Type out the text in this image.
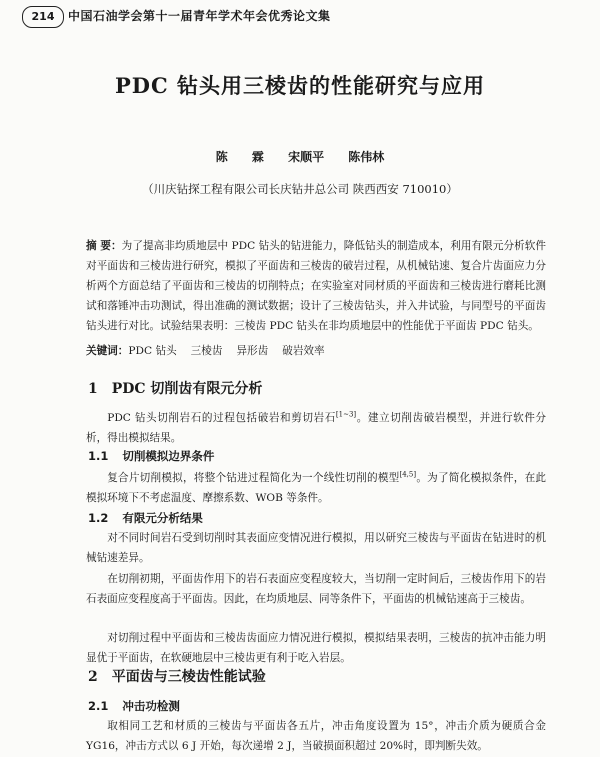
214	中国石油学会第十一届青年学术年会优秀论文集
PDC 钻头用三棱齿的性能研究与应用
陈 霖 宋顺平 陈伟林
（川庆钻探工程有限公司长庆钻井总公司 陕西西安 710010）
摘 要：为了提高非均质地层中 PDC 钻头的钻进能力，降低钻头的制造成本，利用有限元分析软件对平面齿和三棱齿进行研究，模拟了平面齿和三棱齿的破岩过程，从机械钻速、复合片齿面应力分析两个方面总结了平面齿和三棱齿的切削特点；在实验室对同材质的平面齿和三棱齿进行磨耗比测试和落锤冲击功测试，得出准确的测试数据；设计了三棱齿钻头，并入井试验，与同型号的平面齿钻头进行对比。试验结果表明：三棱齿 PDC 钻头在非均质地层中的性能优于平面齿 PDC 钻头。
关键词：PDC 钻头 三棱齿 异形齿 破岩效率
1 PDC 切削齿有限元分析
PDC 钻头切削岩石的过程包括破岩和剪切岩石[1~3]。建立切削齿破岩模型，并进行软件分析，得出模拟结果。
1.1 切削模拟边界条件
复合片切削模拟，将整个钻进过程简化为一个线性切削的模型[4,5]。为了简化模拟条件，在此模拟环境下不考虑温度、摩擦系数、WOB 等条件。
1.2 有限元分析结果
对不同时间岩石受到切削时其表面应变情况进行模拟，用以研究三棱齿与平面齿在钻进时的机械钻速差异。
在切削初期，平面齿作用下的岩石表面应变程度较大，当切削一定时间后，三棱齿作用下的岩石表面应变程度高于平面齿。因此，在均质地层、同等条件下，平面齿的机械钻速高于三棱齿。
对切削过程中平面齿和三棱齿齿面应力情况进行模拟，模拟结果表明，三棱齿的抗冲击能力明显优于平面齿，在软硬地层中三棱齿更有利于吃入岩层。
2 平面齿与三棱齿性能试验
2.1 冲击功检测
取相同工艺和材质的三棱齿与平面齿各五片，冲击角度设置为 15°，冲击介质为硬质合金 YG16，冲击方式以 6 J 开始，每次递增 2 J，当破损面积超过 20%时，即判断失效。
